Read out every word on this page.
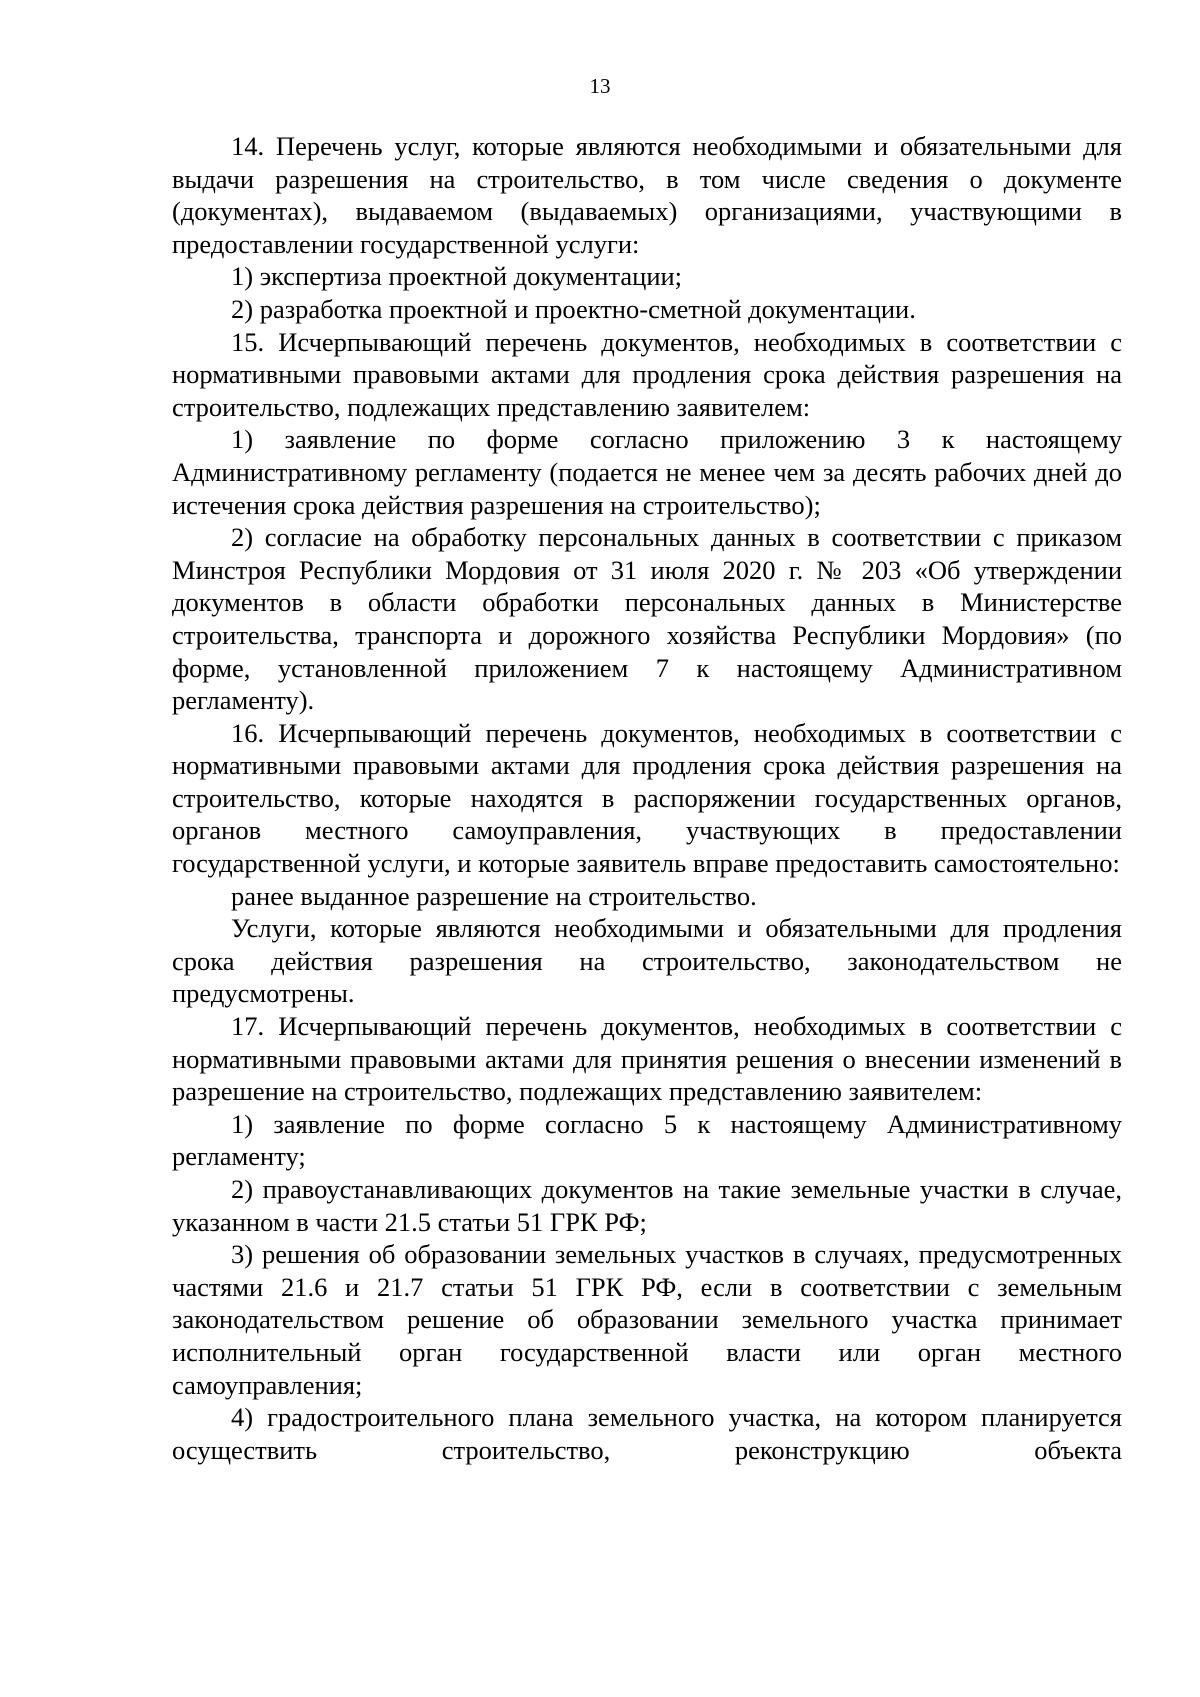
13

14. Перечень услуг, которые являются необходимыми и обязательными для выдачи разрешения на строительство, в том числе сведения о документе (документах), выдаваемом (выдаваемых) организациями, участвующими в предоставлении государственной услуги:

1) экспертиза проектной документации;

2) разработка проектной и проектно-сметной документации.

15. Исчерпывающий перечень документов, необходимых в соответствии с нормативными правовыми актами для продления срока действия разрешения на строительство, подлежащих представлению заявителем:

1) заявление по форме согласно приложению 3 к настоящему Административному регламенту (подается не менее чем за десять рабочих дней до истечения срока действия разрешения на строительство);

2) согласие на обработку персональных данных в соответствии с приказом Минстроя Республики Мордовия от 31 июля 2020 г. № 203 «Об утверждении документов в области обработки персональных данных в Министерстве строительства, транспорта и дорожного хозяйства Республики Мордовия» (по форме, установленной приложением 7 к настоящему Административном регламенту).

16. Исчерпывающий перечень документов, необходимых в соответствии с нормативными правовыми актами для продления срока действия разрешения на строительство, которые находятся в распоряжении государственных органов, органов местного самоуправления, участвующих в предоставлении государственной услуги, и которые заявитель вправе предоставить самостоятельно:

ранее выданное разрешение на строительство.

Услуги, которые являются необходимыми и обязательными для продления срока действия разрешения на строительство, законодательством не предусмотрены.

17. Исчерпывающий перечень документов, необходимых в соответствии с нормативными правовыми актами для принятия решения о внесении изменений в разрешение на строительство, подлежащих представлению заявителем:

1) заявление по форме согласно 5 к настоящему Административному регламенту;

2) правоустанавливающих документов на такие земельные участки в случае, указанном в части 21.5 статьи 51 ГРК РФ;

3) решения об образовании земельных участков в случаях, предусмотренных частями 21.6 и 21.7 статьи 51 ГРК РФ, если в соответствии с земельным законодательством решение об образовании земельного участка принимает исполнительный орган государственной власти или орган местного самоуправления;

4) градостроительного плана земельного участка, на котором планируется осуществить строительство, реконструкцию объекта
